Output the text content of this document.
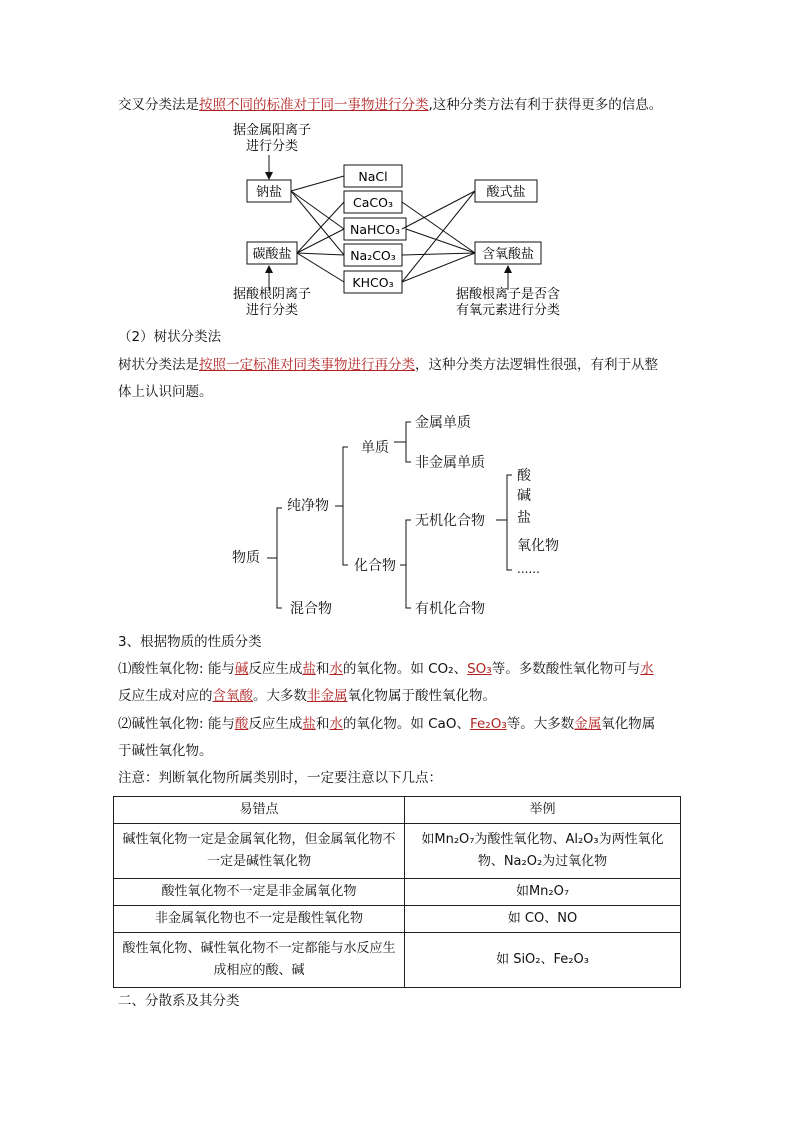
交叉分类法是按照不同的标准对于同一事物进行分类,这种分类方法有利于获得更多的信息。
据金属阳离子
进行分类
钠盐
碳酸盐
据酸根阴离子
进行分类
NaCl
CaCO₃
NaHCO₃
Na₂CO₃
KHCO₃
酸式盐
含氧酸盐
据酸根离子是否含
有氧元素进行分类
（2）树状分类法
树状分类法是按照一定标准对同类事物进行再分类，这种分类方法逻辑性很强，有利于从整
体上认识问题。
物质
纯净物
混合物
单质
化合物
金属单质
非金属单质
无机化合物
有机化合物
酸
碱
盐
氧化物
......
3、根据物质的性质分类
⑴酸性氧化物: 能与碱反应生成盐和水的氧化物。如 CO₂、SO₃等。多数酸性氧化物可与水
反应生成对应的含氧酸。大多数非金属氧化物属于酸性氧化物。
⑵碱性氧化物: 能与酸反应生成盐和水的氧化物。如 CaO、Fe₂O₃等。大多数金属氧化物属
于碱性氧化物。
注意：判断氧化物所属类别时，一定要注意以下几点：
易错点	举例
碱性氧化物一定是金属氧化物，但金属氧化物不一定是碱性氧化物	如Mn₂O₇为酸性氧化物、Al₂O₃为两性氧化物、Na₂O₂为过氧化物
酸性氧化物不一定是非金属氧化物	如Mn₂O₇
非金属氧化物也不一定是酸性氧化物	如 CO、NO
酸性氧化物、碱性氧化物不一定都能与水反应生成相应的酸、碱	如 SiO₂、Fe₂O₃
二、分散系及其分类
